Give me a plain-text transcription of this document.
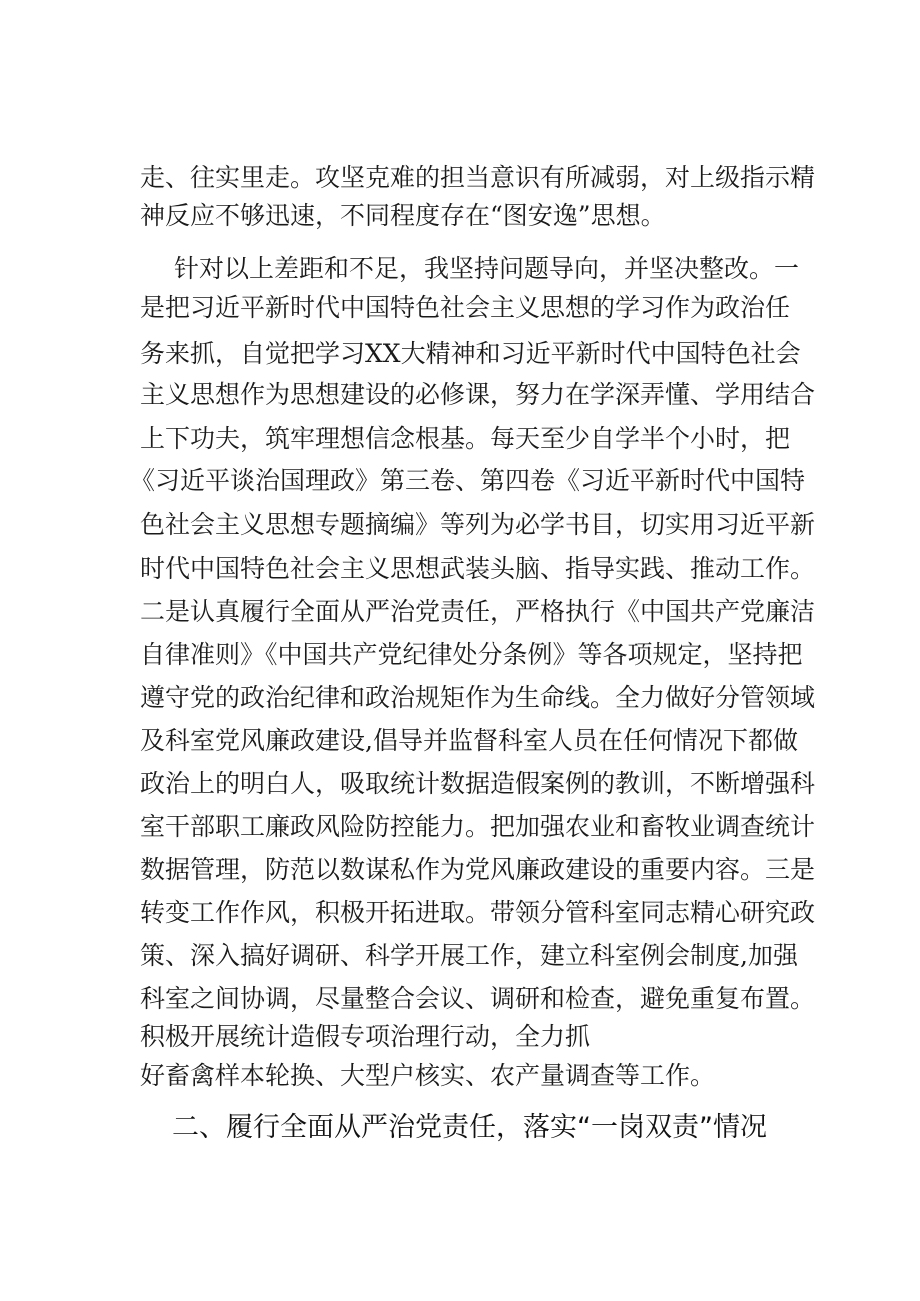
走、往实里走。攻坚克难的担当意识有所减弱，对上级指示精
神反应不够迅速，不同程度存在“图安逸”思想。
针对以上差距和不足，我坚持问题导向，并坚决整改。一
是把习近平新时代中国特色社会主义思想的学习作为政治任
务来抓，自觉把学习XX大精神和习近平新时代中国特色社会
主义思想作为思想建设的必修课，努力在学深弄懂、学用结合
上下功夫，筑牢理想信念根基。每天至少自学半个小时，把
《习近平谈治国理政》第三卷、第四卷《习近平新时代中国特
色社会主义思想专题摘编》等列为必学书目，切实用习近平新
时代中国特色社会主义思想武装头脑、指导实践、推动工作。
二是认真履行全面从严治党责任，严格执行《中国共产党廉洁
自律准则》《中国共产党纪律处分条例》等各项规定，坚持把
遵守党的政治纪律和政治规矩作为生命线。全力做好分管领域
及科室党风廉政建设,倡导并监督科室人员在任何情况下都做
政治上的明白人，吸取统计数据造假案例的教训，不断增强科
室干部职工廉政风险防控能力。把加强农业和畜牧业调查统计
数据管理，防范以数谋私作为党风廉政建设的重要内容。三是
转变工作作风，积极开拓进取。带领分管科室同志精心研究政
策、深入搞好调研、科学开展工作，建立科室例会制度,加强
科室之间协调，尽量整合会议、调研和检查，避免重复布置。
积极开展统计造假专项治理行动，全力抓
好畜禽样本轮换、大型户核实、农产量调查等工作。
二、履行全面从严治党责任，落实“一岗双责”情况
